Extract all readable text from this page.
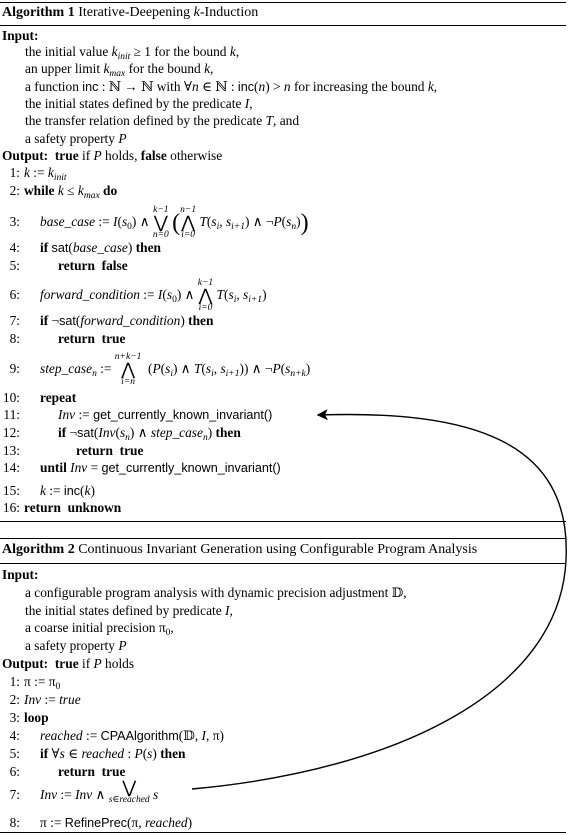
Algorithm 1 Iterative-Deepening k-Induction
Input:
the initial value $k_{init} \ge 1$ for the bound k,
an upper limit $k_{max}$ for the bound k,
a function inc : ℕ → ℕ with ∀n ∈ ℕ : inc(n) > n for increasing the bound k,
the initial states defined by the predicate I,
the transfer relation defined by the predicate T, and
a safety property P
Output: true if P holds, false otherwise
1:
2:
3:
4:
5:
6:
7:
8:
9:
10:
11:
12:
13:
14:
15:
16:
k := $k_{init}$
while $k \le k_{max}$ do
base_case := $I(s_0)$ ∧
k−1
⋁
n=0 ( n−1
⋀
i=0
$T(s_i$, $s_{i+1}$) ∧ $\neg P(s_n)$)
if sat(base_case) then
return false
forward_condition := $I(s_0)$ ∧
k−1
⋀
i=0
$T(s_i$, $s_{i+1}$)
if ¬sat(forward_condition) then
return true
step_case$_n$ :=
n+k−1
⋀
i=n
($P(s_i)$ ∧ $T(s_i$, $s_{i+1}$)) ∧ $\neg P(s_{n+k})$
repeat
Inv := get_currently_known_invariant()
if $\neg sat(Inv(s_n)$ ∧ step_case$_n$) then
return true
until Inv = get_currently_known_invariant()
k := inc(k)
return unknown
Algorithm 2 Continuous Invariant Generation using Configurable Program Analysis
Input:
a configurable program analysis with dynamic precision adjustment 𝔻,
the initial states defined by predicate I,
a coarse initial precision $\pi_0$,
a safety property P
Output: true if P holds
1:
2:
3:
4:
5:
6:
7:
8:
π := $\pi_0$
Inv := true
loop
reached := CPAAlgorithm(𝔻, I, π)
if ∀s ∈ reached : P(s) then
return true
Inv := Inv ∧ ⋁
s∈reached s
π := RefinePrec(π, reached)
